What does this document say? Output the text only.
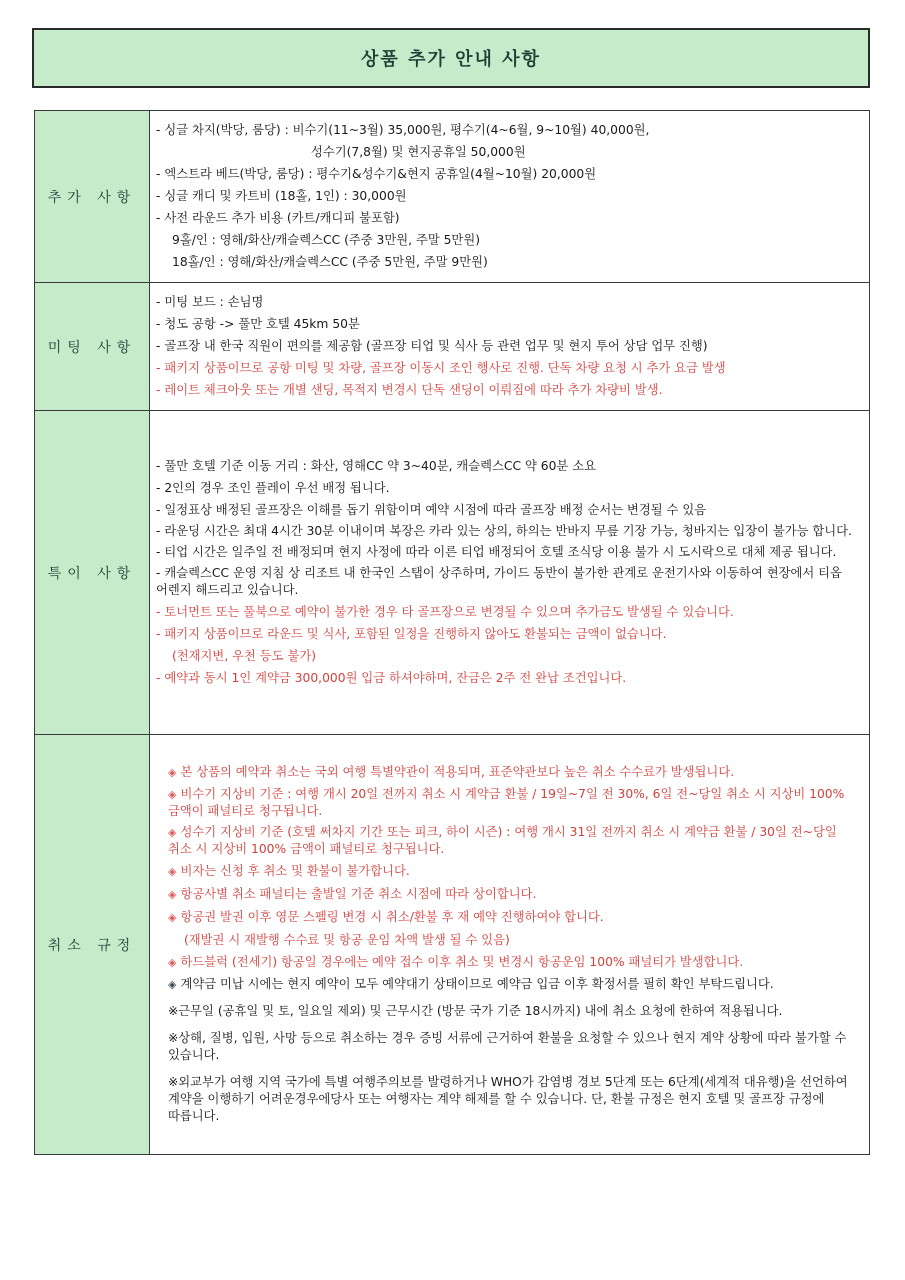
상품 추가 안내 사항
추가 사항	
- 싱글 차지(박당, 룸당) : 비수기(11~3월) 35,000원, 평수기(4~6월, 9~10월) 40,000원,
성수기(7,8월) 및 현지공휴일 50,000원
- 엑스트라 베드(박당, 룸당) : 평수기&성수기&현지 공휴일(4월~10월) 20,000원
- 싱글 캐디 및 카트비 (18홀, 1인) : 30,000원
- 사전 라운드 추가 비용 (카트/캐디피 불포함)
9홀/인 : 영해/화산/캐슬렉스CC (주중 3만원, 주말 5만원)
18홀/인 : 영해/화산/캐슬렉스CC (주중 5만원, 주말 9만원)

미팅 사항	- 미팅 보드 : 손님명
- 청도 공항 -> 풀만 호텔 45km 50분
- 골프장 내 한국 직원이 편의를 제공함 (골프장 티업 및 식사 등 관련 업무 및 현지 투어 상담 업무 진행)
- 패키지 상품이므로 공항 미팅 및 차량, 골프장 이동시 조인 행사로 진행. 단독 차량 요청 시 추가 요금 발생
- 레이트 체크아웃 또는 개별 샌딩, 목적지 변경시 단독 샌딩이 이뤄짐에 따라 추가 차량비 발생.

특이 사항	
- 풀만 호텔 기준 이동 거리 : 화산, 영해CC 약 3~40분, 캐슬렉스CC 약 60분 소요
- 2인의 경우 조인 플레이 우선 배정 됩니다.
- 일정표상 배정된 골프장은 이해를 돕기 위함이며 예약 시점에 따라 골프장 배정 순서는 변경될 수 있음
- 라운딩 시간은 최대 4시간 30분 이내이며 복장은 카라 있는 상의, 하의는 반바지 무릎 기장 가능, 청바지는 입장이 불가능 합니다.
- 티업 시간은 일주일 전 배정되며 현지 사정에 따라 이른 티업 배정되어 호텔 조식당 이용 불가 시 도시락으로 대체 제공 됩니다.
- 캐슬렉스CC 운영 지침 상 리조트 내 한국인 스탭이 상주하며, 가이드 동반이 불가한 관계로 운전기사와 이동하여 현장에서 티옵 어렌지 해드리고 있습니다.
- 토너먼트 또는 풀북으로 예약이 불가한 경우 타 골프장으로 변경될 수 있으며 추가금도 발생될 수 있습니다.
- 패키지 상품이므로 라운드 및 식사, 포함된 일정을 진행하지 않아도 환불되는 금액이 없습니다.
(천재지변, 우천 등도 불가)
- 예약과 동시 1인 계약금 300,000원 입금 하셔야하며, 잔금은 2주 전 완납 조건입니다.

취소 규정	
◈ 본 상품의 예약과 취소는 국외 여행 특별약관이 적용되며, 표준약관보다 높은 취소 수수료가 발생됩니다.
◈ 비수기 지상비 기준 : 여행 개시 20일 전까지 취소 시 계약금 환불 / 19일~7일 전 30%, 6일 전~당일 취소 시 지상비 100% 금액이 패널티로 청구됩니다.
◈ 성수기 지상비 기준 (호텔 써차지 기간 또는 피크, 하이 시즌) : 여행 개시 31일 전까지 취소 시 계약금 환불 / 30일 전~당일 취소 시 지상비 100% 금액이 패널티로 청구됩니다.
◈ 비자는 신청 후 취소 및 환불이 불가합니다.
◈ 항공사별 취소 패널티는 출발일 기준 취소 시점에 따라 상이합니다.
◈ 항공권 발권 이후 영문 스펠링 변경 시 취소/환불 후 재 예약 진행하여야 합니다.
(재발권 시 재발행 수수료 및 항공 운임 차액 발생 될 수 있음)
◈ 하드블럭 (전세기) 항공일 경우에는 예약 접수 이후 취소 및 변경시 항공운임 100% 패널티가 발생합니다.
◈ 계약금 미납 시에는 현지 예약이 모두 예약대기 상태이므로 예약금 입금 이후 확정서를 필히 확인 부탁드립니다.
※근무일 (공휴일 및 토, 일요일 제외) 및 근무시간 (방문 국가 기준 18시까지) 내에 취소 요청에 한하여 적용됩니다.
※상해, 질병, 입원, 사망 등으로 취소하는 경우 증빙 서류에 근거하여 환불을 요청할 수 있으나 현지 계약 상황에 따라 불가할 수 있습니다.
※외교부가 여행 지역 국가에 특별 여행주의보를 발령하거나 WHO가 감염병 경보 5단계 또는 6단계(세계적 대유행)을 선언하여 계약을 이행하기 어려운경우에당사 또는 여행자는 계약 해제를 할 수 있습니다. 단, 환불 규정은 현지 호텔 및 골프장 규정에 따릅니다.
